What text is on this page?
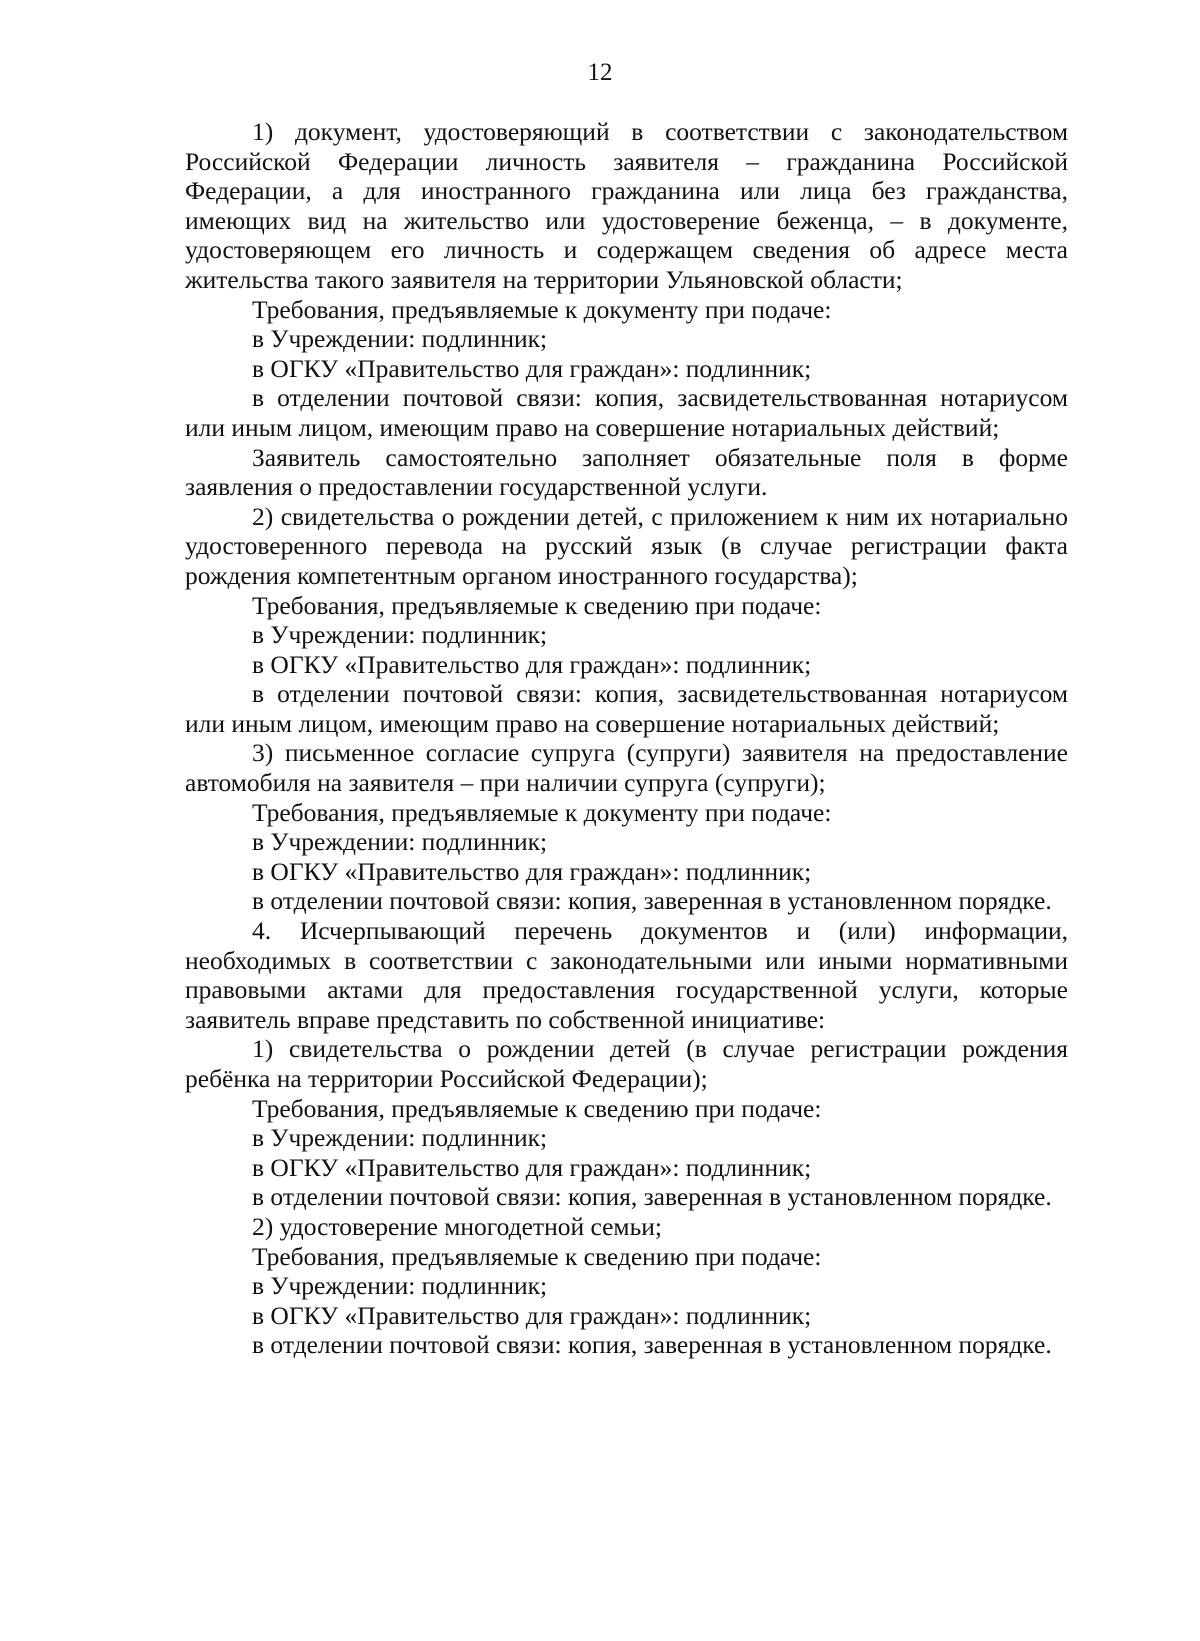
12

1) документ, удостоверяющий в соответствии с законодательством Российской Федерации личность заявителя – гражданина Российской Федерации, а для иностранного гражданина или лица без гражданства, имеющих вид на жительство или удостоверение беженца, – в документе, удостоверяющем его личность и содержащем сведения об адресе места жительства такого заявителя на территории Ульяновской области;

Требования, предъявляемые к документу при подаче:

в Учреждении: подлинник;

в ОГКУ «Правительство для граждан»: подлинник;

в отделении почтовой связи: копия, засвидетельствованная нотариусом или иным лицом, имеющим право на совершение нотариальных действий;

Заявитель самостоятельно заполняет обязательные поля в форме заявления о предоставлении государственной услуги.

2) свидетельства о рождении детей, с приложением к ним их нотариально удостоверенного перевода на русский язык (в случае регистрации факта рождения компетентным органом иностранного государства);

Требования, предъявляемые к сведению при подаче:

в Учреждении: подлинник;

в ОГКУ «Правительство для граждан»: подлинник;

в отделении почтовой связи: копия, засвидетельствованная нотариусом или иным лицом, имеющим право на совершение нотариальных действий;

3) письменное согласие супруга (супруги) заявителя на предоставление автомобиля на заявителя – при наличии супруга (супруги);

Требования, предъявляемые к документу при подаче:

в Учреждении: подлинник;

в ОГКУ «Правительство для граждан»: подлинник;

в отделении почтовой связи: копия, заверенная в установленном порядке.

4. Исчерпывающий перечень документов и (или) информации, необходимых в соответствии с законодательными или иными нормативными правовыми актами для предоставления государственной услуги, которые заявитель вправе представить по собственной инициативе:

1) свидетельства о рождении детей (в случае регистрации рождения ребёнка на территории Российской Федерации);

Требования, предъявляемые к сведению при подаче:

в Учреждении: подлинник;

в ОГКУ «Правительство для граждан»: подлинник;

в отделении почтовой связи: копия, заверенная в установленном порядке.

2) удостоверение многодетной семьи;

Требования, предъявляемые к сведению при подаче:

в Учреждении: подлинник;

в ОГКУ «Правительство для граждан»: подлинник;

в отделении почтовой связи: копия, заверенная в установленном порядке.
